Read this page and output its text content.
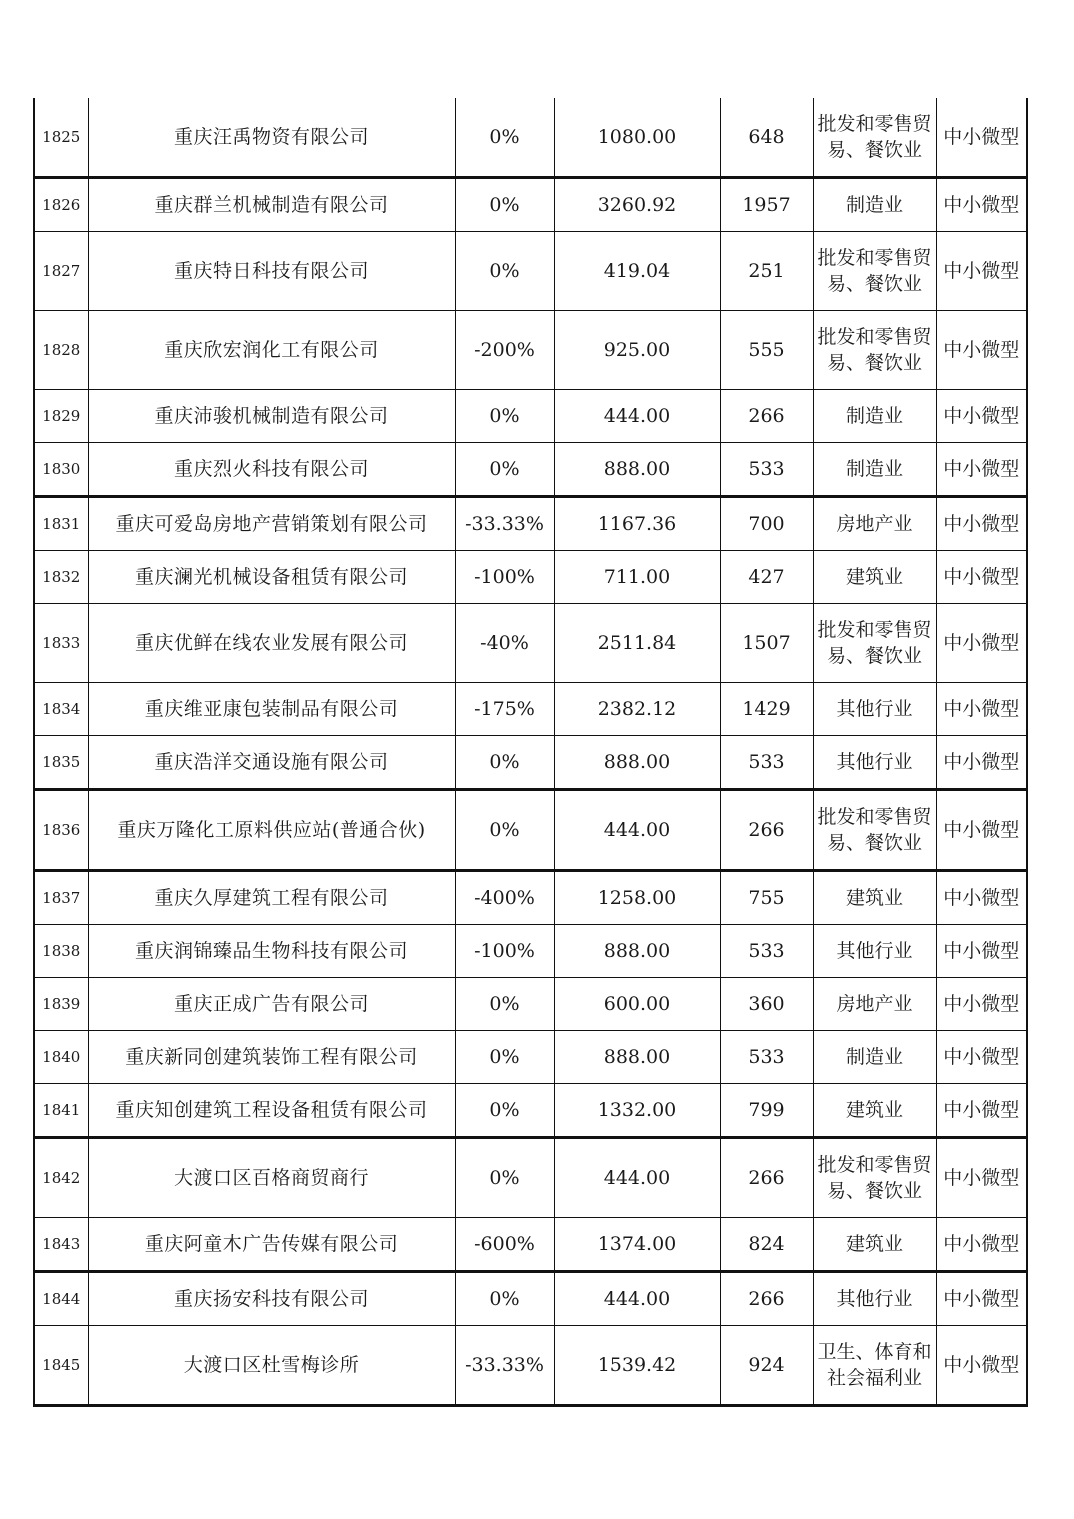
1825	重庆汪禹物资有限公司	0%	1080.00	648	批发和零售贸易、餐饮业	中小微型
1826	重庆群兰机械制造有限公司	0%	3260.92	1957	制造业	中小微型
1827	重庆特日科技有限公司	0%	419.04	251	批发和零售贸易、餐饮业	中小微型
1828	重庆欣宏润化工有限公司	-200%	925.00	555	批发和零售贸易、餐饮业	中小微型
1829	重庆沛骏机械制造有限公司	0%	444.00	266	制造业	中小微型
1830	重庆烈火科技有限公司	0%	888.00	533	制造业	中小微型
1831	重庆可爱岛房地产营销策划有限公司	-33.33%	1167.36	700	房地产业	中小微型
1832	重庆澜光机械设备租赁有限公司	-100%	711.00	427	建筑业	中小微型
1833	重庆优鲜在线农业发展有限公司	-40%	2511.84	1507	批发和零售贸易、餐饮业	中小微型
1834	重庆维亚康包装制品有限公司	-175%	2382.12	1429	其他行业	中小微型
1835	重庆浩洋交通设施有限公司	0%	888.00	533	其他行业	中小微型
1836	重庆万隆化工原料供应站(普通合伙)	0%	444.00	266	批发和零售贸易、餐饮业	中小微型
1837	重庆久厚建筑工程有限公司	-400%	1258.00	755	建筑业	中小微型
1838	重庆润锦臻品生物科技有限公司	-100%	888.00	533	其他行业	中小微型
1839	重庆正成广告有限公司	0%	600.00	360	房地产业	中小微型
1840	重庆新同创建筑装饰工程有限公司	0%	888.00	533	制造业	中小微型
1841	重庆知创建筑工程设备租赁有限公司	0%	1332.00	799	建筑业	中小微型
1842	大渡口区百格商贸商行	0%	444.00	266	批发和零售贸易、餐饮业	中小微型
1843	重庆阿童木广告传媒有限公司	-600%	1374.00	824	建筑业	中小微型
1844	重庆扬安科技有限公司	0%	444.00	266	其他行业	中小微型
1845	大渡口区杜雪梅诊所	-33.33%	1539.42	924	卫生、体育和社会福利业	中小微型
